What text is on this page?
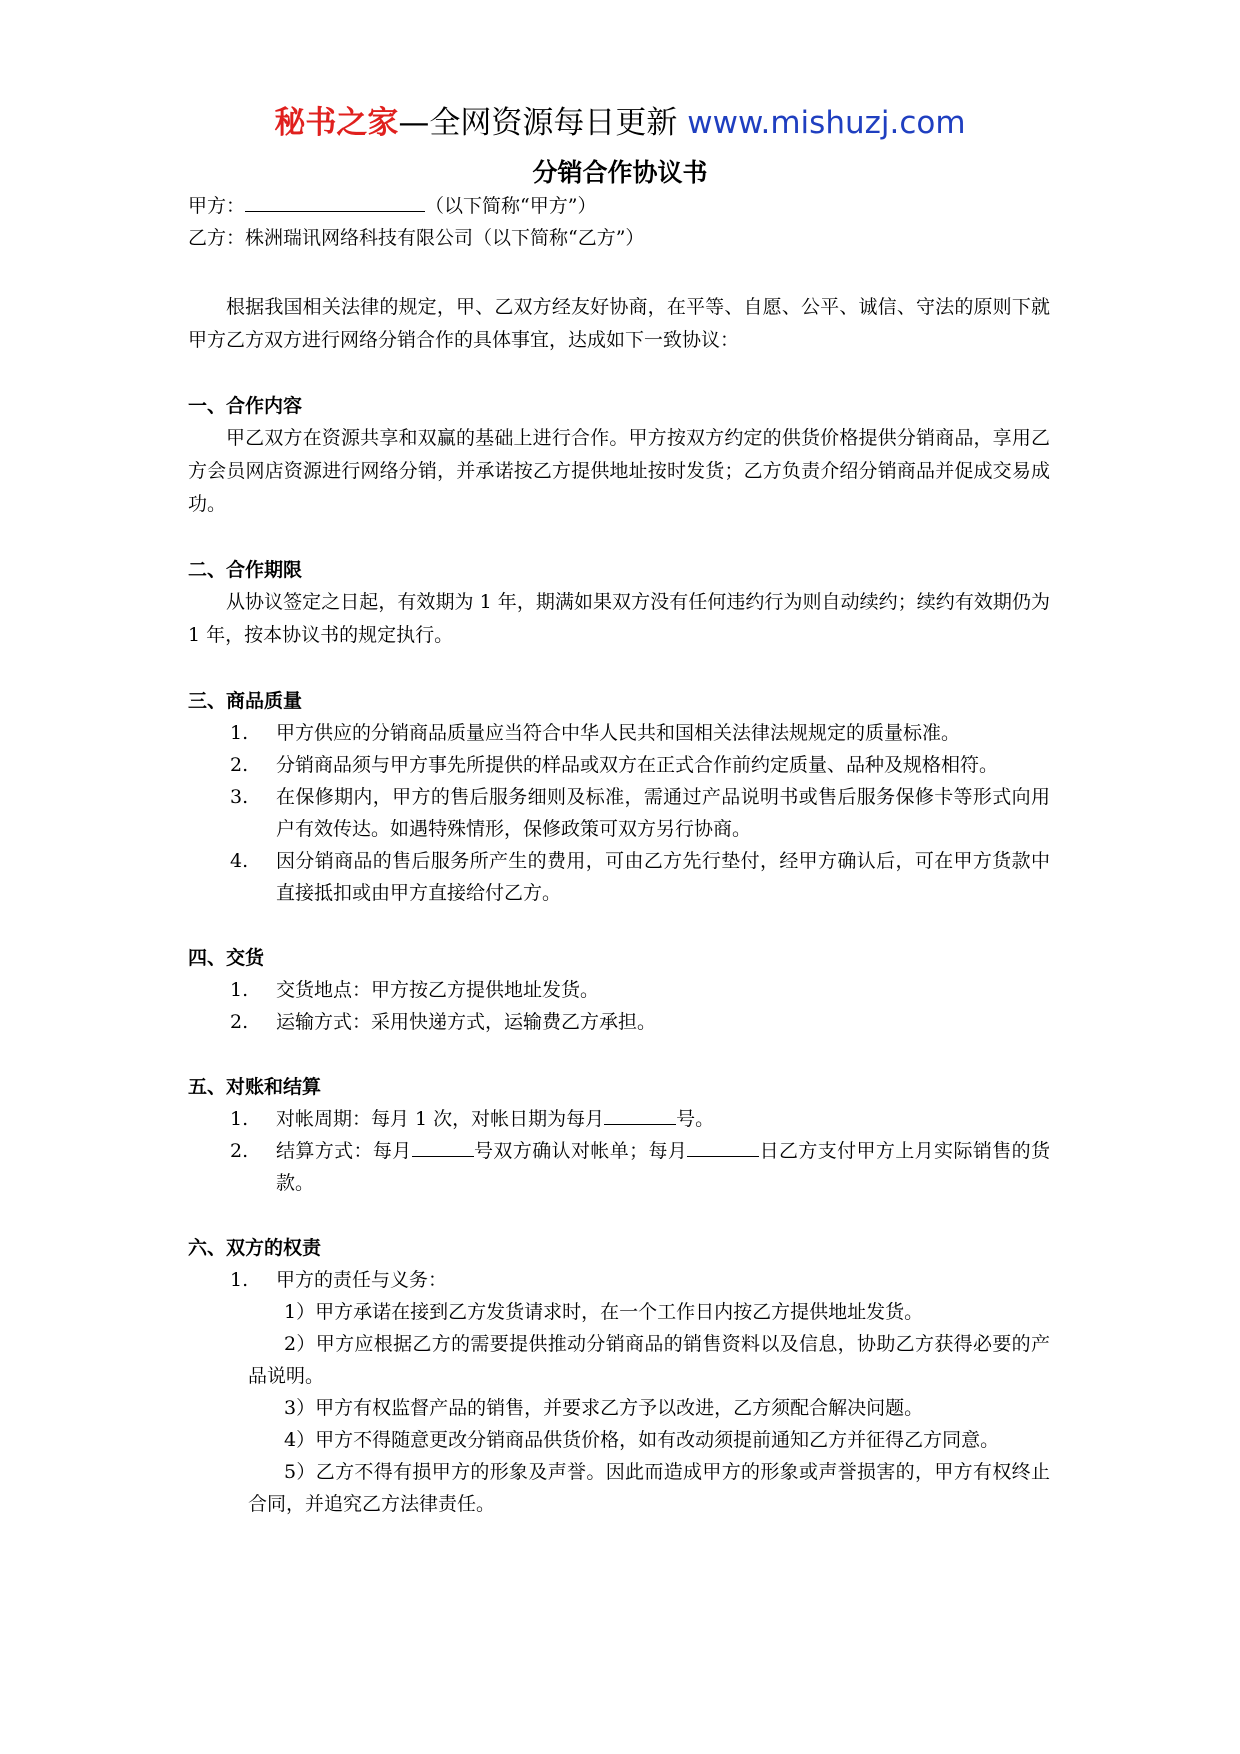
秘书之家—全网资源每日更新 www.mishuzj.com
分销合作协议书
甲方：	（以下简称“甲方”）
乙方：株洲瑞讯网络科技有限公司（以下简称“乙方”）
根据我国相关法律的规定，甲、乙双方经友好协商，在平等、自愿、公平、诚信、守法的原则下就甲方乙方双方进行网络分销合作的具体事宜，达成如下一致协议：
一、合作内容
甲乙双方在资源共享和双赢的基础上进行合作。甲方按双方约定的供货价格提供分销商品，享用乙方会员网店资源进行网络分销，并承诺按乙方提供地址按时发货；乙方负责介绍分销商品并促成交易成功。
二、合作期限
从协议签定之日起，有效期为 1 年，期满如果双方没有任何违约行为则自动续约；续约有效期仍为 1 年，按本协议书的规定执行。
三、商品质量
1. 甲方供应的分销商品质量应当符合中华人民共和国相关法律法规规定的质量标准。
2. 分销商品须与甲方事先所提供的样品或双方在正式合作前约定质量、品种及规格相符。
3. 在保修期内，甲方的售后服务细则及标准，需通过产品说明书或售后服务保修卡等形式向用户有效传达。如遇特殊情形，保修政策可双方另行协商。
4. 因分销商品的售后服务所产生的费用，可由乙方先行垫付，经甲方确认后，可在甲方货款中直接抵扣或由甲方直接给付乙方。
四、交货
1. 交货地点：甲方按乙方提供地址发货。
2. 运输方式：采用快递方式，运输费乙方承担。
五、对账和结算
1. 对帐周期：每月 1 次，对帐日期为每月	号。
2. 结算方式：每月	号双方确认对帐单；每月	日乙方支付甲方上月实际销售的货款。
六、双方的权责
1. 甲方的责任与义务：
1）甲方承诺在接到乙方发货请求时，在一个工作日内按乙方提供地址发货。
2）甲方应根据乙方的需要提供推动分销商品的销售资料以及信息，协助乙方获得必要的产品说明。
3）甲方有权监督产品的销售，并要求乙方予以改进，乙方须配合解决问题。
4）甲方不得随意更改分销商品供货价格，如有改动须提前通知乙方并征得乙方同意。
5）乙方不得有损甲方的形象及声誉。因此而造成甲方的形象或声誉损害的，甲方有权终止合同，并追究乙方法律责任。
